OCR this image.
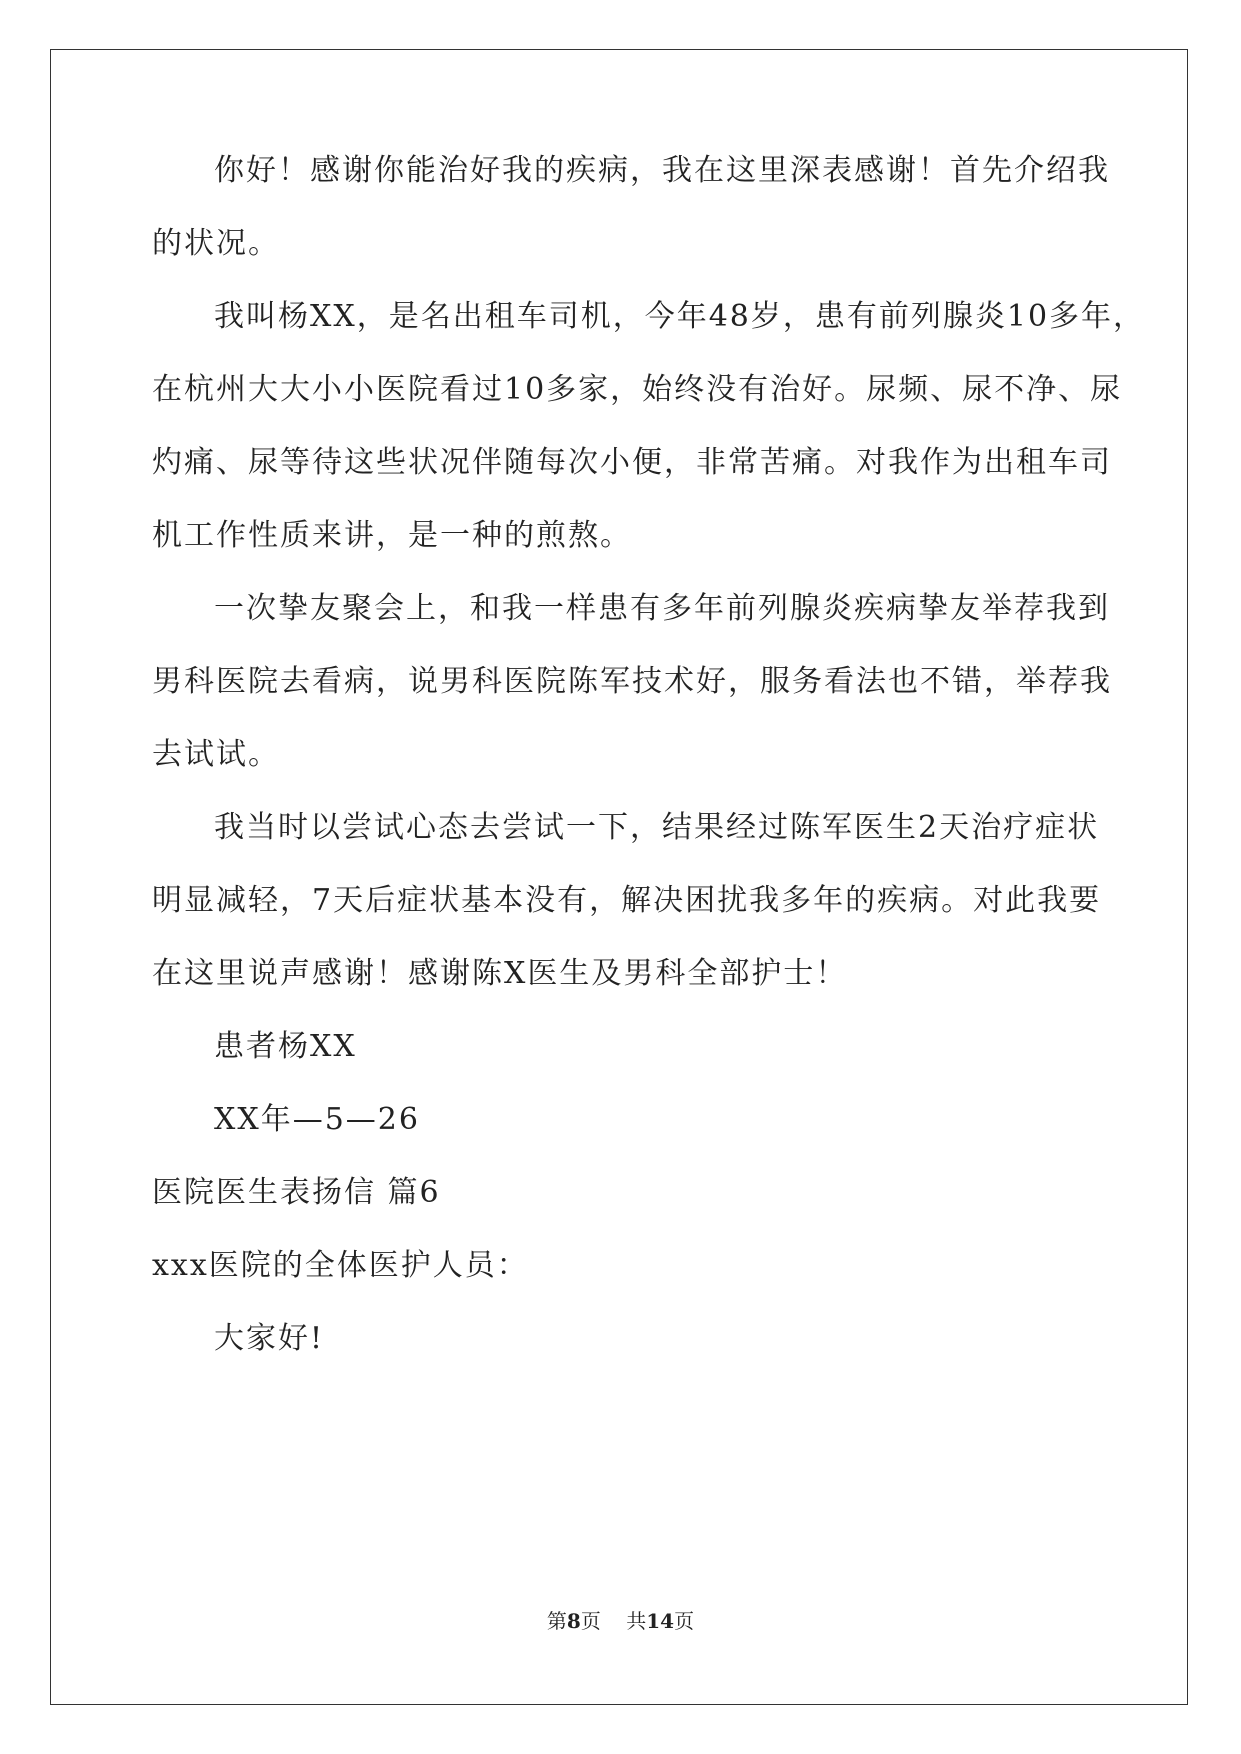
你好！感谢你能治好我的疾病，我在这里深表感谢！首先介绍我
的状况。
我叫杨XX，是名出租车司机，今年48岁，患有前列腺炎10多年，
在杭州大大小小医院看过10多家，始终没有治好。尿频、尿不净、尿
灼痛、尿等待这些状况伴随每次小便，非常苦痛。对我作为出租车司
机工作性质来讲，是一种的煎熬。
一次挚友聚会上，和我一样患有多年前列腺炎疾病挚友举荐我到
男科医院去看病，说男科医院陈军技术好，服务看法也不错，举荐我
去试试。
我当时以尝试心态去尝试一下，结果经过陈军医生2天治疗症状
明显减轻，7天后症状基本没有，解决困扰我多年的疾病。对此我要
在这里说声感谢！感谢陈X医生及男科全部护士！
患者杨XX
XX年—5—26
医院医生表扬信 篇6
xxx医院的全体医护人员：
大家好!
第8页 共14页
